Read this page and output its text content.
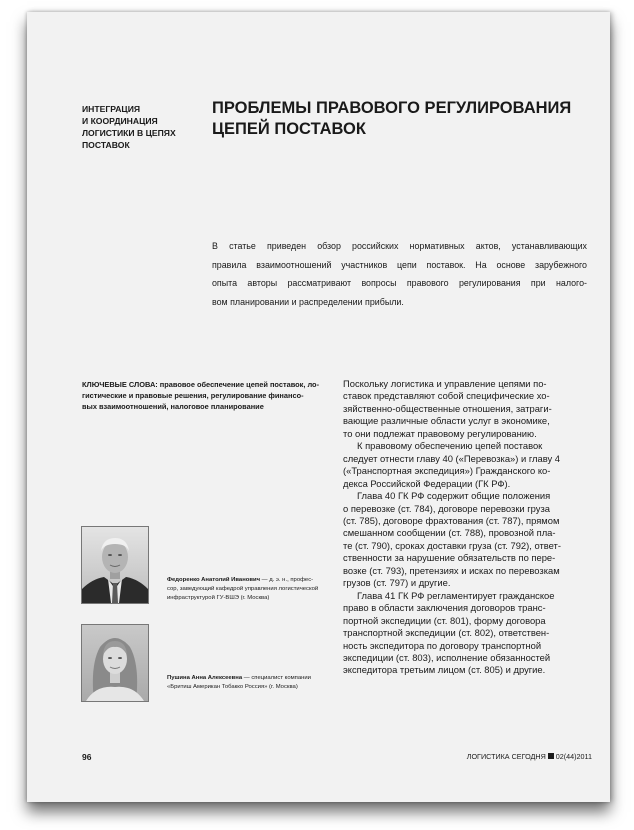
ИНТЕГРАЦИЯ
И КООРДИНАЦИЯ
ЛОГИСТИКИ В ЦЕПЯХ
ПОСТАВОК
ПРОБЛЕМЫ ПРАВОВОГО РЕГУЛИРОВАНИЯ
ЦЕПЕЙ ПОСТАВОК
В статье приведен обзор российских нормативных актов, устанавливающих
правила взаимоотношений участников цепи поставок. На основе зарубежного
опыта авторы рассматривают вопросы правового регулирования при налого-
вом планировании и распределении прибыли.
КЛЮЧЕВЫЕ СЛОВА: правовое обеспечение цепей поставок, ло-
гистические и правовые решения, регулирование финансо-
вых взаимоотношений, налоговое планирование
Поскольку логистика и управление цепями по-
ставок представляют собой специфические хо-
зяйственно-общественные отношения, затраги-
вающие различные области услуг в экономике,
то они подлежат правовому регулированию.
К правовому обеспечению цепей поставок
следует отнести главу 40 («Перевозка») и главу 4
(«Транспортная экспедиция») Гражданского ко-
декса Российской Федерации (ГК РФ).
Глава 40 ГК РФ содержит общие положения
о перевозке (ст. 784), договоре перевозки груза
(ст. 785), договоре фрахтования (ст. 787), прямом
смешанном сообщении (ст. 788), провозной пла-
те (ст. 790), сроках доставки груза (ст. 792), ответ-
ственности за нарушение обязательств по пере-
возке (ст. 793), претензиях и исках по перевозкам
грузов (ст. 797) и другие.
Глава 41 ГК РФ регламентирует гражданское
право в области заключения договоров транс-
портной экспедиции (ст. 801), форму договора
транспортной экспедиции (ст. 802), ответствен-
ность экспедитора по договору транспортной
экспедиции (ст. 803), исполнение обязанностей
экспедитора третьим лицом (ст. 805) и другие.
Федоренко Анатолий Иванович — д. э. н., профес-
сор, заведующий кафедрой управления логистической
инфраструктурой ГУ-ВШЭ (г. Москва)
Пушина Анна Алексеевна — специалист компании
«Бритиш Американ Тобакко Россия» (г. Москва)
96	ЛОГИСТИКА СЕГОДНЯ 02(44)2011
